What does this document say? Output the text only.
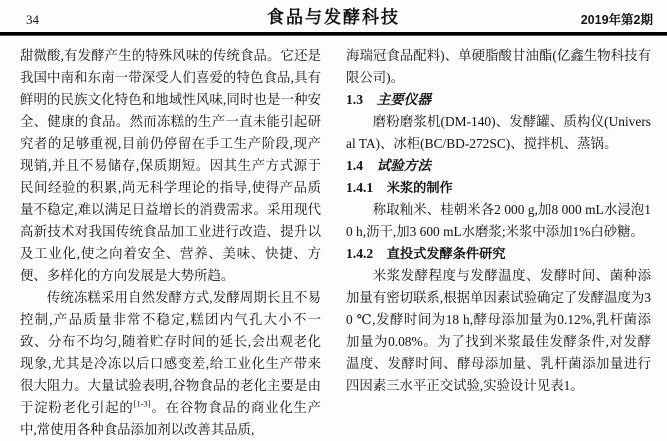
34	食品与发酵科技	2019年第2期

甜微酸,有发酵产生的特殊风味的传统食品。它还是我国中南和东南一带深受人们喜爱的特色食品,具有鲜明的民族文化特色和地域性风味,同时也是一种安全、健康的食品。然而冻糕的生产一直未能引起研究者的足够重视,目前仍停留在手工生产阶段,现产现销,并且不易储存,保质期短。因其生产方式源于民间经验的积累,尚无科学理论的指导,使得产品质量不稳定,难以满足日益增长的消费需求。采用现代高新技术对我国传统食品加工业进行改造、提升以及工业化,使之向着安全、营养、美味、快捷、方便、多样化的方向发展是大势所趋。

传统冻糕采用自然发酵方式,发酵周期长且不易控制,产品质量非常不稳定,糕团内气孔大小不一致、分布不均匀,随着贮存时间的延长,会出观老化现象,尤其是冷冻以后口感变差,给工业化生产带来很大阻力。大量试验表明,谷物食品的老化主要是由于淀粉老化引起的[1-3]。在谷物食品的商业化生产中,常使用各种食品添加剂以改善其品质,

海瑞冠食品配料)、单硬脂酸甘油酯(亿鑫生物科技有限公司)。

1.3 主要仪器

磨粉磨浆机(DM-140)、发酵罐、质构仪(Universal TA)、冰柜(BC/BD-272SC)、搅拌机、蒸锅。

1.4 试验方法
1.4.1 米浆的制作

称取籼米、桂朝米各2 000 g,加8 000 mL水浸泡10 h,沥干,加3 600 mL水磨浆;米浆中添加1%白砂糖。

1.4.2 直投式发酵条件研究

米浆发酵程度与发酵温度、发酵时间、菌种添加量有密切联系,根据单因素试验确定了发酵温度为30 ℃,发酵时间为18 h,酵母添加量为0.12%,乳杆菌添加量为0.08%。为了找到米浆最佳发酵条件,对发酵温度、发酵时间、酵母添加量、乳杆菌添加量进行四因素三水平正交试验,实验设计见表1。
